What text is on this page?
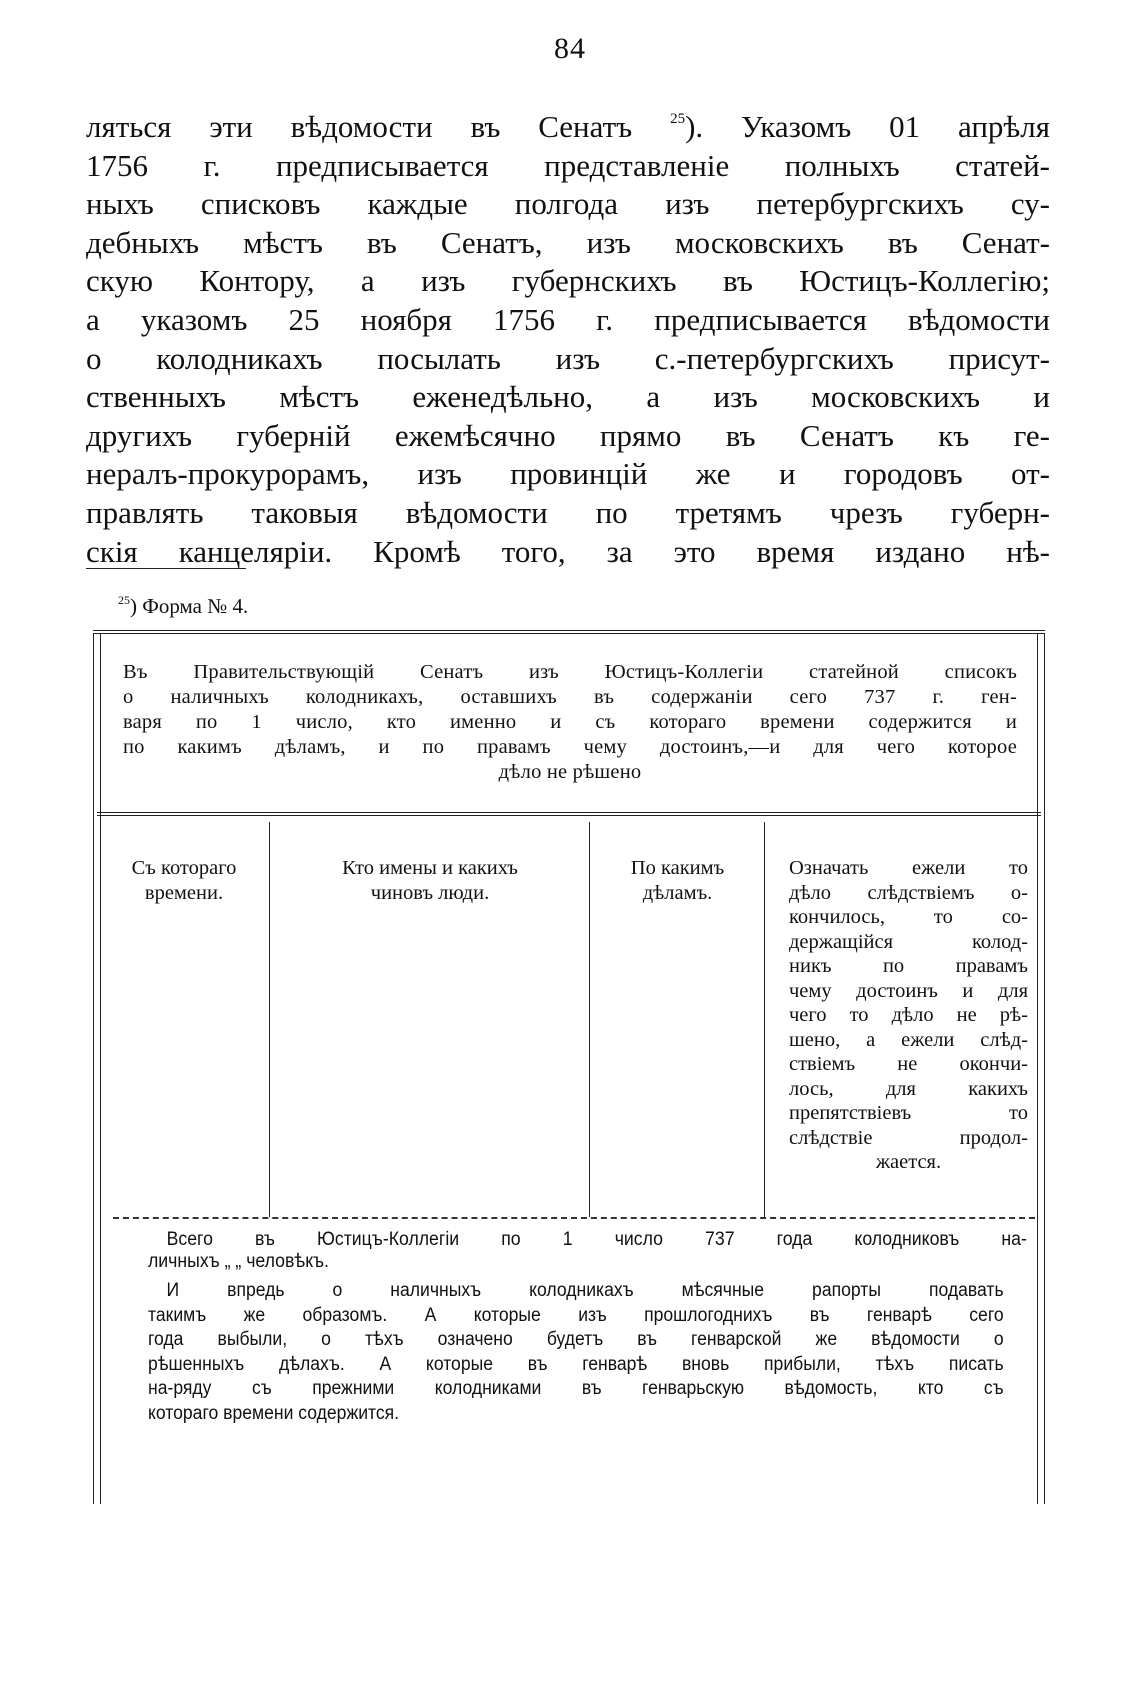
84
ляться эти вѣдомости въ Сенатъ	$^{25}$). Указомъ 01 апрѣля
1756 г. предписывается представленіе полныхъ статей-
ныхъ списковъ каждые полгода изъ петербургскихъ су-
дебныхъ мѣстъ въ Сенатъ, изъ московскихъ въ Сенат-
скую Контору, а изъ губернскихъ въ Юстицъ-Коллегію;
а указомъ 25 ноября 1756 г. предписывается вѣдомости
о колодникахъ посылать изъ с.-петербургскихъ присут-
ственныхъ мѣстъ еженедѣльно, а изъ московскихъ и
другихъ губерній ежемѣсячно прямо въ Сенатъ къ ге-
нералъ-прокурорамъ, изъ провинцій же и городовъ от-
правлять таковыя вѣдомости по третямъ чрезъ губерн-
скія канцеляріи. Кромѣ того, за это время издано нѣ-
$^{25}$) Форма № 4.
Въ Правительствующій Сенатъ изъ Юстицъ-Коллегіи статейной списокъ
о наличныхъ колодникахъ, оставшихъ въ содержаніи сего 737 г. ген-
варя по 1 число, кто именно и съ котораго времени содержится и
по какимъ дѣламъ, и по правамъ чему достоинъ,—и для чего которое
дѣло не рѣшено
Съ котораго
времени.
Кто имены и какихъ
чиновъ люди.
По какимъ
дѣламъ.
Означать ежели то
дѣло слѣдствіемъ о-
кончилось, то со-
держащійся колод-
никъ по правамъ
чему достоинъ и для
чего то дѣло не рѣ-
шено, а ежели слѣд-
ствіемъ не окончи-
лось, для какихъ
препятствіевъ то
слѣдствіе продол-
жается.
Всего въ Юстицъ-Коллегіи по 1 число 737 года колодниковъ на-
личныхъ „ „ человѣкъ.
И впредь о наличныхъ колодникахъ мѣсячные рапорты подавать
такимъ же образомъ. А которые изъ прошлогоднихъ въ генварѣ сего
года выбыли, о тѣхъ означено будетъ въ генварской же вѣдомости о
рѣшенныхъ дѣлахъ. А которые въ генварѣ вновь прибыли, тѣхъ писать
на-ряду съ прежними колодниками въ генварьскую вѣдомость, кто съ
котораго времени содержится.
